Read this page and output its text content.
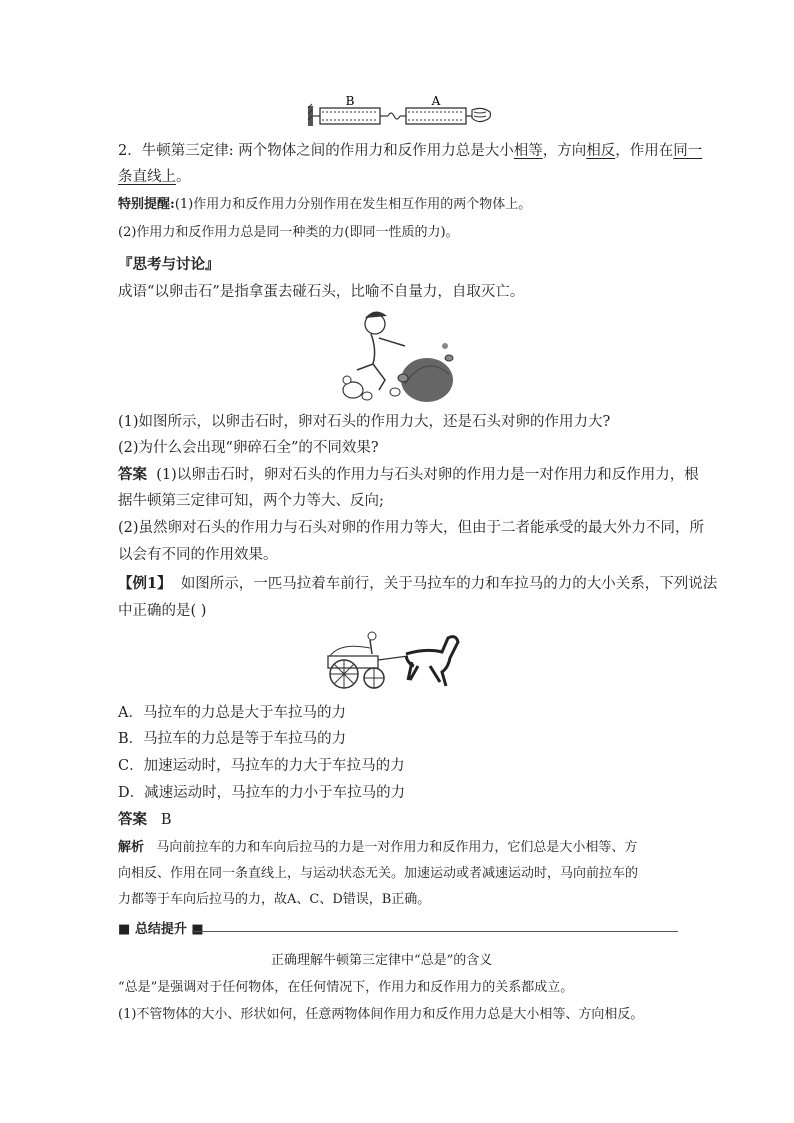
B	A
2．牛顿第三定律: 两个物体之间的作用力和反作用力总是大小相等，方向相反，作用在同一
条直线上。
特别提醒:(1)作用力和反作用力分别作用在发生相互作用的两个物体上。
(2)作用力和反作用力总是同一种类的力(即同一性质的力)。
『思考与讨论』
成语“以卵击石”是指拿蛋去碰石头，比喻不自量力，自取灭亡。
(1)如图所示，以卵击石时，卵对石头的作用力大，还是石头对卵的作用力大?
(2)为什么会出现“卵碎石全”的不同效果?
答案 (1)以卵击石时，卵对石头的作用力与石头对卵的作用力是一对作用力和反作用力，根
据牛顿第三定律可知，两个力等大、反向;
(2)虽然卵对石头的作用力与石头对卵的作用力等大，但由于二者能承受的最大外力不同，所
以会有不同的作用效果。
【例1】 如图所示，一匹马拉着车前行，关于马拉车的力和车拉马的力的大小关系，下列说法
中正确的是( )
A．马拉车的力总是大于车拉马的力
B．马拉车的力总是等于车拉马的力
C．加速运动时，马拉车的力大于车拉马的力
D．减速运动时，马拉车的力小于车拉马的力
答案 B
解析 马向前拉车的力和车向后拉马的力是一对作用力和反作用力，它们总是大小相等、方
向相反、作用在同一条直线上，与运动状态无关。加速运动或者减速运动时，马向前拉车的
力都等于车向后拉马的力，故A、C、D错误，B正确。
■ 总结提升 ■
正确理解牛顿第三定律中“总是”的含义
“总是”是强调对于任何物体，在任何情况下，作用力和反作用力的关系都成立。
(1)不管物体的大小、形状如何，任意两物体间作用力和反作用力总是大小相等、方向相反。
